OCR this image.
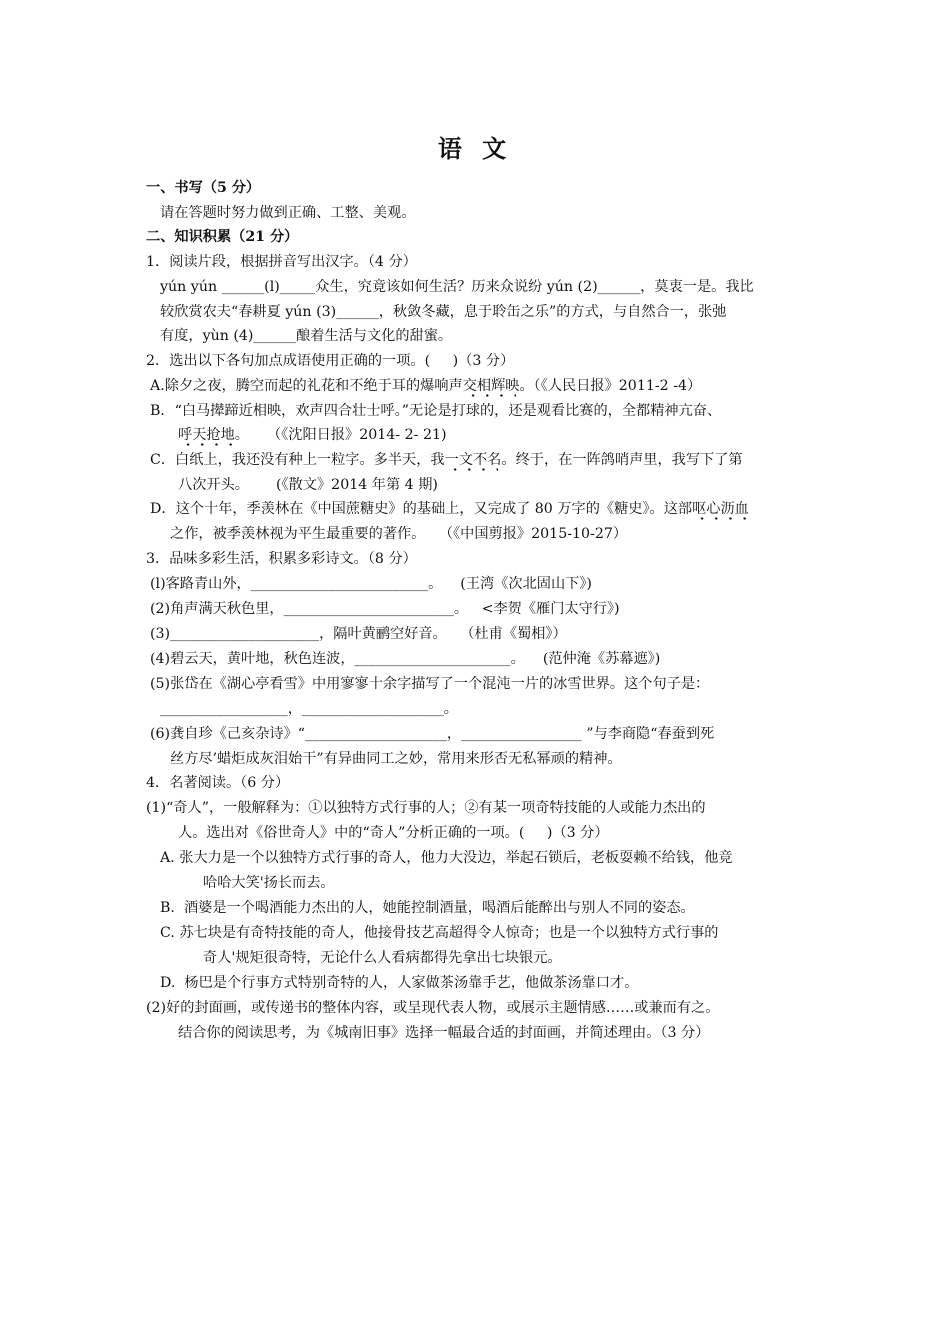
语 文
一、书写（5 分）
请在答题时努力做到正确、工整、美观。
二、知识积累（21 分）
1．阅读片段，根据拼音写出汉字。（4 分）
yún yún ______(l)_____众生，究竟该如何生活？历来众说纷 yún (2)______，莫衷一是。我比
较欣赏农夫“春耕夏 yún (3)______，秋敛冬藏，息于聆缶之乐”的方式，与自然合一，张弛
有度，yùn (4)______酿着生活与文化的甜蜜。
2．选出以下各句加点成语使用正确的一项。(     )（3 分）
A.除夕之夜，腾空而起的礼花和不绝于耳的爆响声交相辉映。（《人民日报》2011-2 -4）
B．“白马撵蹄近相映，欢声四合壮士呼。”无论是打球的，还是观看比赛的，全都精神亢奋、
呼天抢地。    （《沈阳日报》2014- 2- 21)
C．白纸上，我还没有种上一粒字。多半天，我一文不名。终于，在一阵鸽哨声里，我写下了第
八次开头。      (《散文》2014 年第 4 期)
D．这个十年，季羡林在《中国蔗糖史》的基础上，又完成了 80 万字的《糖史》。这部呕心沥血
之作，被季羡林视为平生最重要的著作。   （《中国剪报》2015-10-27）
3．品味多彩生活，积累多彩诗文。（8 分）
(l)客路青山外，_________________________。    (王湾《次北固山下》)
(2)角声满天秋色里，________________________。   <李贺《雁门太守行》)
(3)_____________________，隔叶黄鹂空好音。   （杜甫《蜀相》）
(4)碧云天，黄叶地，秋色连波，______________________。    (范仲淹《苏幕遮》)
(5)张岱在《湖心亭看雪》中用寥寥十余字描写了一个混沌一片的冰雪世界。这个句子是：
__________________，____________________。
(6)龚自珍《己亥杂诗》“____________________，_________________ ”与李商隐“春蚕到死
丝方尽’蜡炬成灰泪始干”有异曲同工之妙，常用来形否无私幂顽的精神。
4．名著阅读。（6 分）
(1)“奇人”，一般解释为：①以独特方式行事的人；②有某一项奇特技能的人或能力杰出的
人。选出对《俗世奇人》中的“奇人”分析正确的一项。(     )（3 分）
A. 张大力是一个以独特方式行事的奇人，他力大没边，举起石锁后，老板耍赖不给钱，他竞
哈哈大笑'扬长而去。
B.  酒婆是一个喝酒能力杰出的人，她能控制酒量，喝酒后能醉出与别人不同的姿态。
C. 苏七块是有奇特技能的奇人，他接骨技艺高超得令人惊奇；也是一个以独特方式行事的
奇人'规矩很奇特，无论什么人看病都得先拿出七块银元。
D.  杨巴是个行事方式特别奇特的人，人家做茶汤靠手艺，他做茶汤靠口才。
(2)好的封面画，或传递书的整体内容，或呈现代表人物，或展示主题情感……或兼而有之。
结合你的阅读思考，为《城南旧事》选择一幅最合适的封面画，并简述理由。（3 分）
